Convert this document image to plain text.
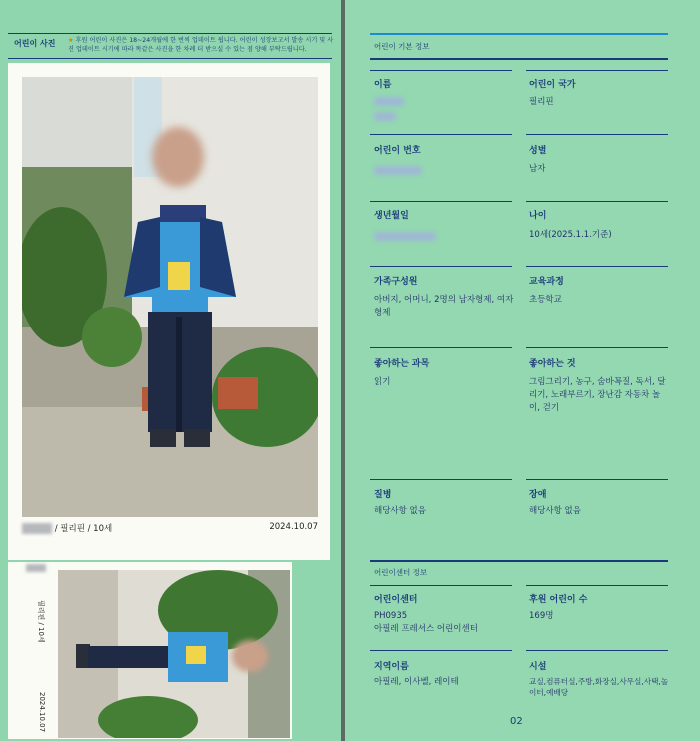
어린이 사진 ★ 후원 어린이 사진은 18~24개월에 한 번씩 업데이트 됩니다. 어린이 성장보고서 발송 시기 및 사진 업데이트 시기에 따라 똑같은 사진을 한 차례 더 받으실 수 있는 점 양해 부탁드립니다.
/ 필리핀 / 10세	2024.10.07
필리핀 / 10세
2024.10.07
어린이 기본 정보
이름	어린이 국가
필리핀
어린이 번호	성별
남자
생년월일	나이
10세(2025.1.1.기준)
가족구성원
아버지, 어머니, 2명의 남자형제, 여자형제
교육과정
초등학교
좋아하는 과목
읽기
좋아하는 것
그림그리기, 농구, 숨바꼭질, 독서, 달리기, 노래부르기, 장난감 자동차 놀이, 걷기
질병
해당사항 없음
장애
해당사항 없음
어린이센터 정보
어린이센터
PH0935
아필레 프레셔스 어린이센터
후원 어린이 수
169명
지역이름
아필레, 이사벨, 레이테
시설
교실,컴퓨터실,주방,화장실,사무실,사택,놀이터,예배당
02
